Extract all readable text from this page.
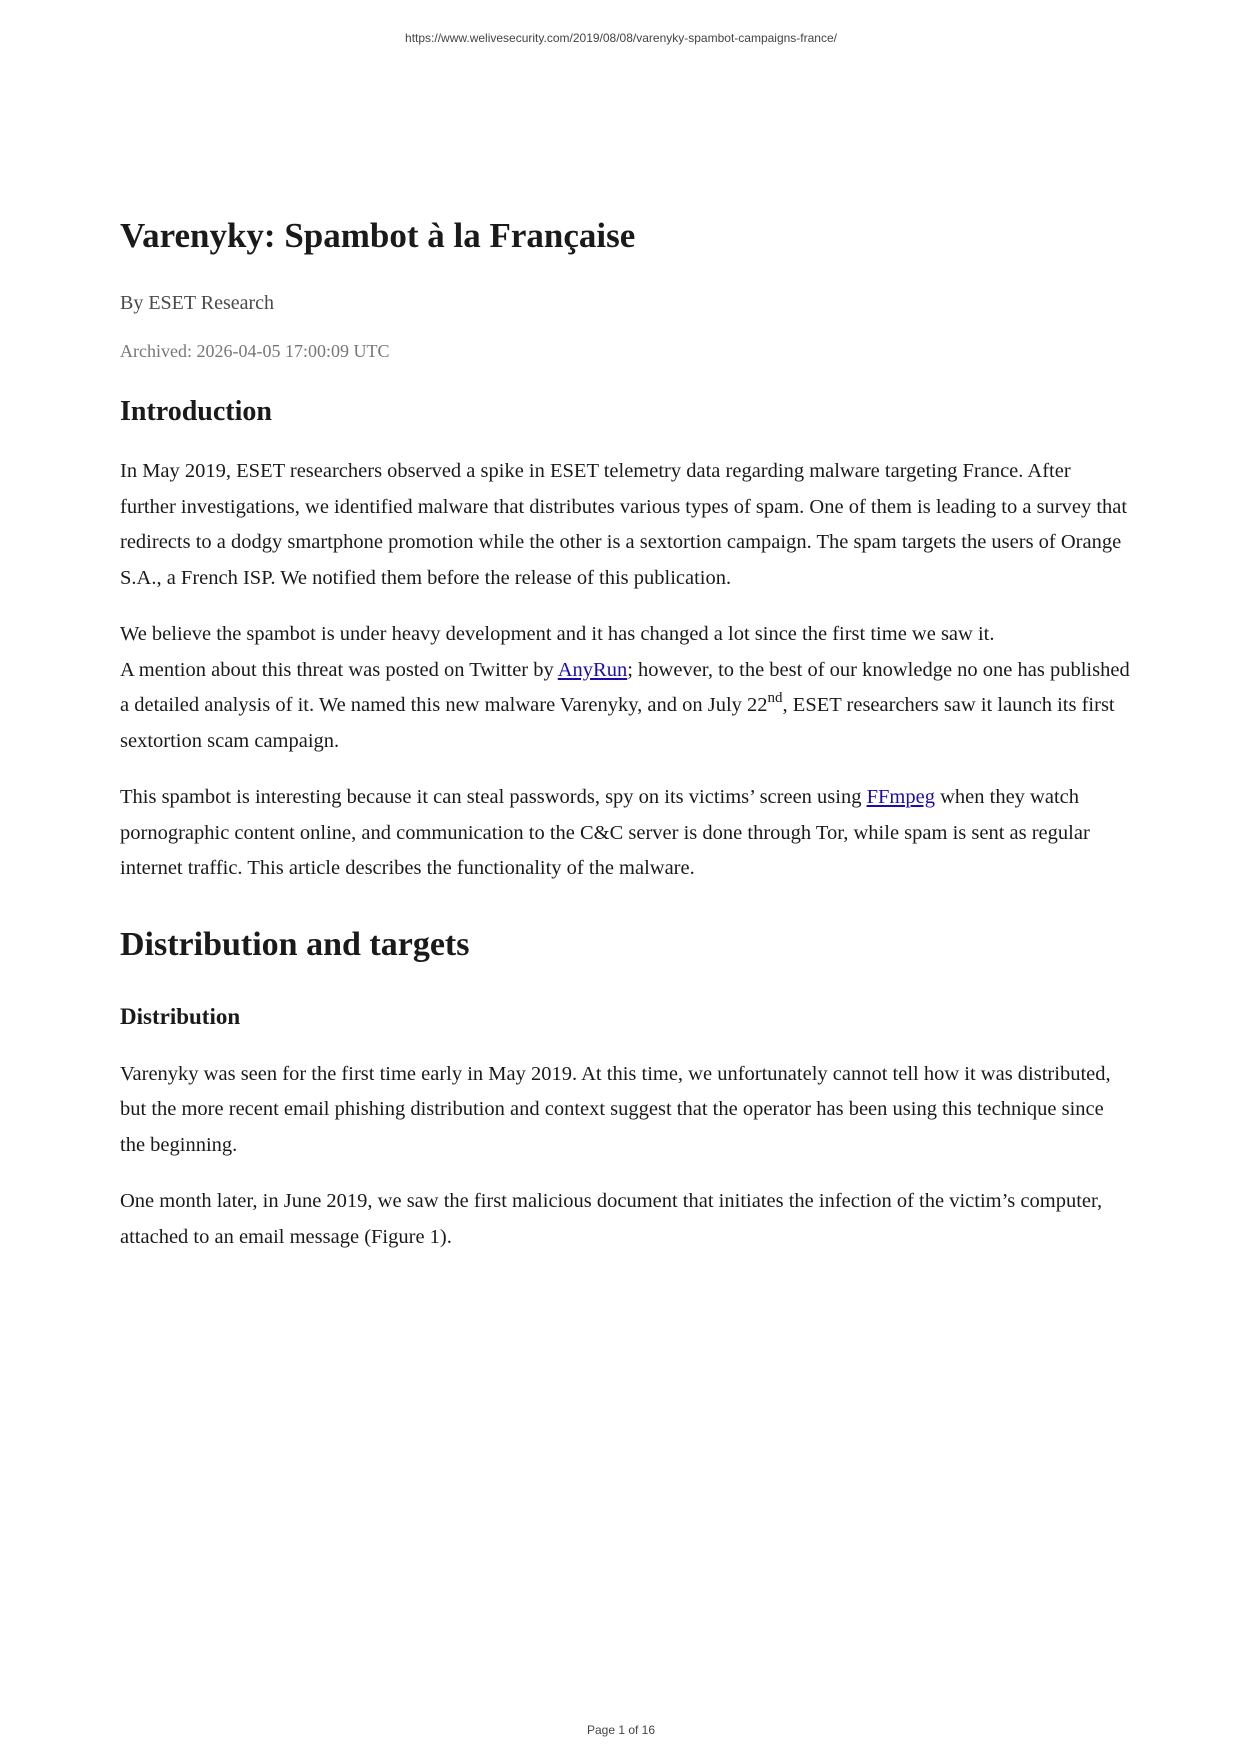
https://www.welivesecurity.com/2019/08/08/varenyky-spambot-campaigns-france/
Varenyky: Spambot à la Française
By ESET Research
Archived: 2026-04-05 17:00:09 UTC
Introduction

In May 2019, ESET researchers observed a spike in ESET telemetry data regarding malware targeting France. After further investigations, we identified malware that distributes various types of spam. One of them is leading to a survey that redirects to a dodgy smartphone promotion while the other is a sextortion campaign. The spam targets the users of Orange S.A., a French ISP. We notified them before the release of this publication.

We believe the spambot is under heavy development and it has changed a lot since the first time we saw it.
A mention about this threat was posted on Twitter by AnyRun; however, to the best of our knowledge no one has published a detailed analysis of it. We named this new malware Varenyky, and on July 22nd, ESET researchers saw it launch its first sextortion scam campaign.

This spambot is interesting because it can steal passwords, spy on its victims’ screen using FFmpeg when they watch pornographic content online, and communication to the C&C server is done through Tor, while spam is sent as regular internet traffic. This article describes the functionality of the malware.

Distribution and targets
Distribution

Varenyky was seen for the first time early in May 2019. At this time, we unfortunately cannot tell how it was distributed, but the more recent email phishing distribution and context suggest that the operator has been using this technique since the beginning.

One month later, in June 2019, we saw the first malicious document that initiates the infection of the victim’s computer, attached to an email message (Figure 1).

Page 1 of 16
